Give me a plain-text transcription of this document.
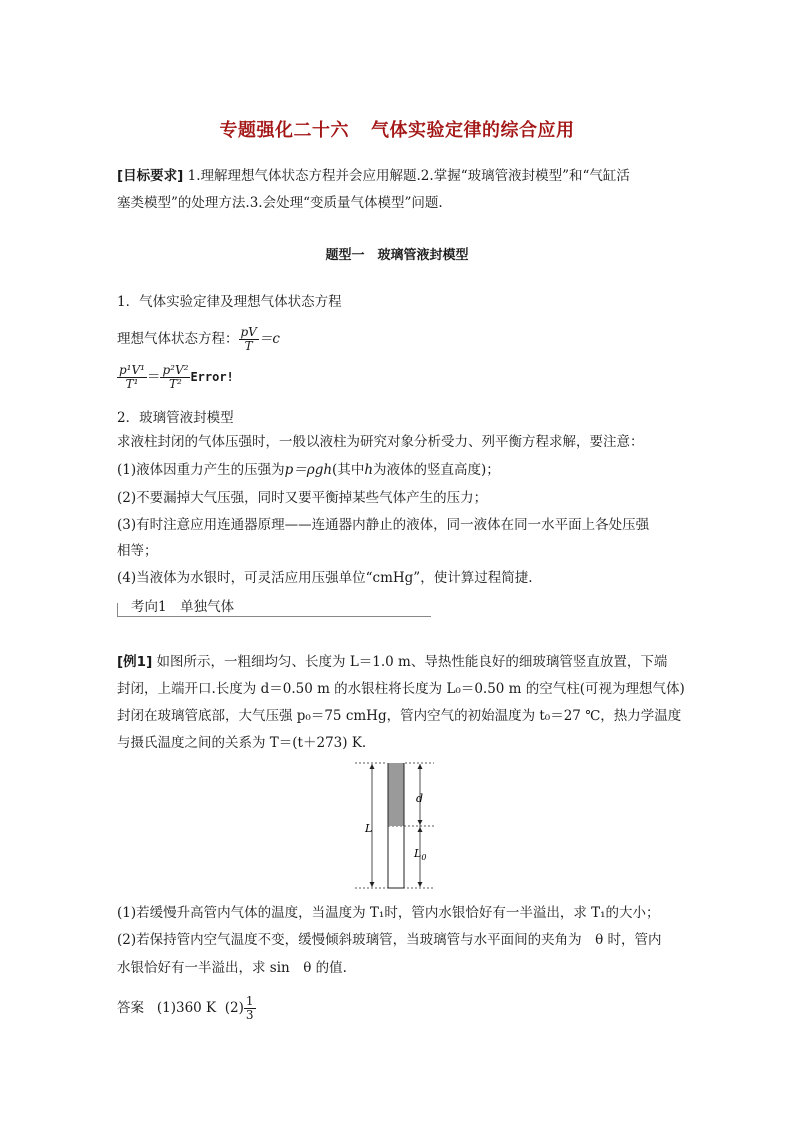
专题强化二十六 气体实验定律的综合应用
[目标要求] 1.理解理想气体状态方程并会应用解题.2.掌握“玻璃管液封模型”和“气缸活
塞类模型”的处理方法.3.会处理“变质量气体模型”问题.
题型一　玻璃管液封模型
1．气体实验定律及理想气体状态方程
理想气体状态方程： $\frac{pV}{T} =c$
$\frac{\text{p¹V¹}}{\text{T¹}} = \frac{\text{p²V²}}{\text{T²}}$ Error!
2．玻璃管液封模型
求液柱封闭的气体压强时，一般以液柱为研究对象分析受力、列平衡方程求解，要注意：
(1)液体因重力产生的压强为p＝ρgh(其中h为液体的竖直高度)；
(2)不要漏掉大气压强，同时又要平衡掉某些气体产生的压力；
(3)有时注意应用连通器原理——连通器内静止的液体，同一液体在同一水平面上各处压强
相等；
(4)当液体为水银时，可灵活应用压强单位“cmHg”，使计算过程简捷.
考向1　单独气体
[例1] 如图所示，一粗细均匀、长度为 L＝1.0 m、导热性能良好的细玻璃管竖直放置，下端
封闭，上端开口.长度为 d＝0.50 m 的水银柱将长度为 L₀＝0.50 m 的空气柱(可视为理想气体)
封闭在玻璃管底部，大气压强 p₀＝75 cmHg，管内空气的初始温度为 t₀＝27 ℃，热力学温度
与摄氏温度之间的关系为 T＝(t＋273) K.
L
d
$L_0$
(1)若缓慢升高管内气体的温度，当温度为 T₁时，管内水银恰好有一半溢出，求 T₁的大小；
(2)若保持管内空气温度不变，缓慢倾斜玻璃管，当玻璃管与水平面间的夹角为　θ 时，管内
水银恰好有一半溢出，求 sin　θ 的值.
答案 (1)360 K $(2) \frac{1}{3}$
